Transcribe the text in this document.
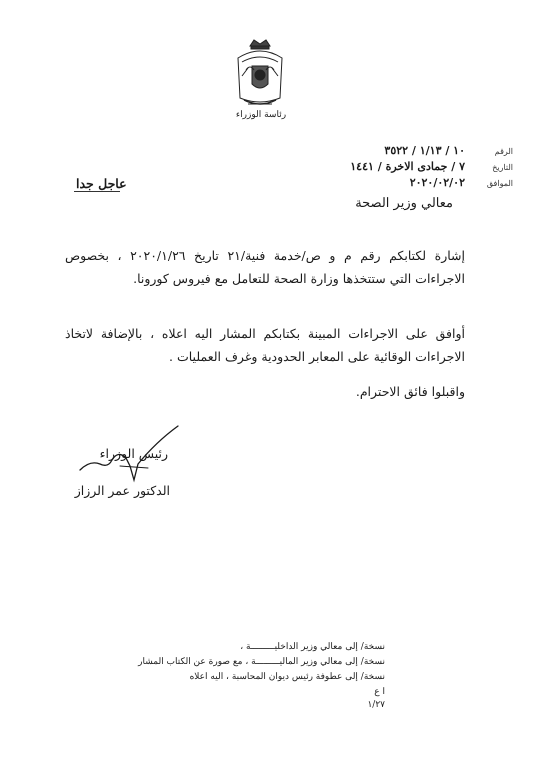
رئاسة الوزراء
الرقم
١٠ / ١/١٣ / ٣٥٢٢
التاريخ
٧ / جمادى الاخرة / ١٤٤١
الموافق
٢٠٢٠/٠٢/٠٢
عاجل جدا
معالي وزير الصحة
إشارة لكتابكم رقم م و ص/خدمة فنية/٢١ تاريخ ٢٠٢٠/١/٢٦ ، بخصوص الاجراءات التي ستتخذها وزارة الصحة للتعامل مع فيروس كورونا.
أوافق على الاجراءات المبينة بكتابكم المشار اليه اعلاه ، بالإضافة لاتخاذ الاجراءات الوقائية على المعابر الحدودية وغرف العمليات .
واقبلوا فائق الاحترام.
رئيس الوزراء
الدكتور عمر الرزاز
نسخة/ إلى معالي وزير الداخليـــــــــة ،
نسخة/ إلى معالي وزير الماليـــــــــة ، مع صورة عن الكتاب المشار
نسخة/ إلى عطوفة رئيس ديوان المحاسبة ، اليه اعلاه
ا ع
١/٢٧
